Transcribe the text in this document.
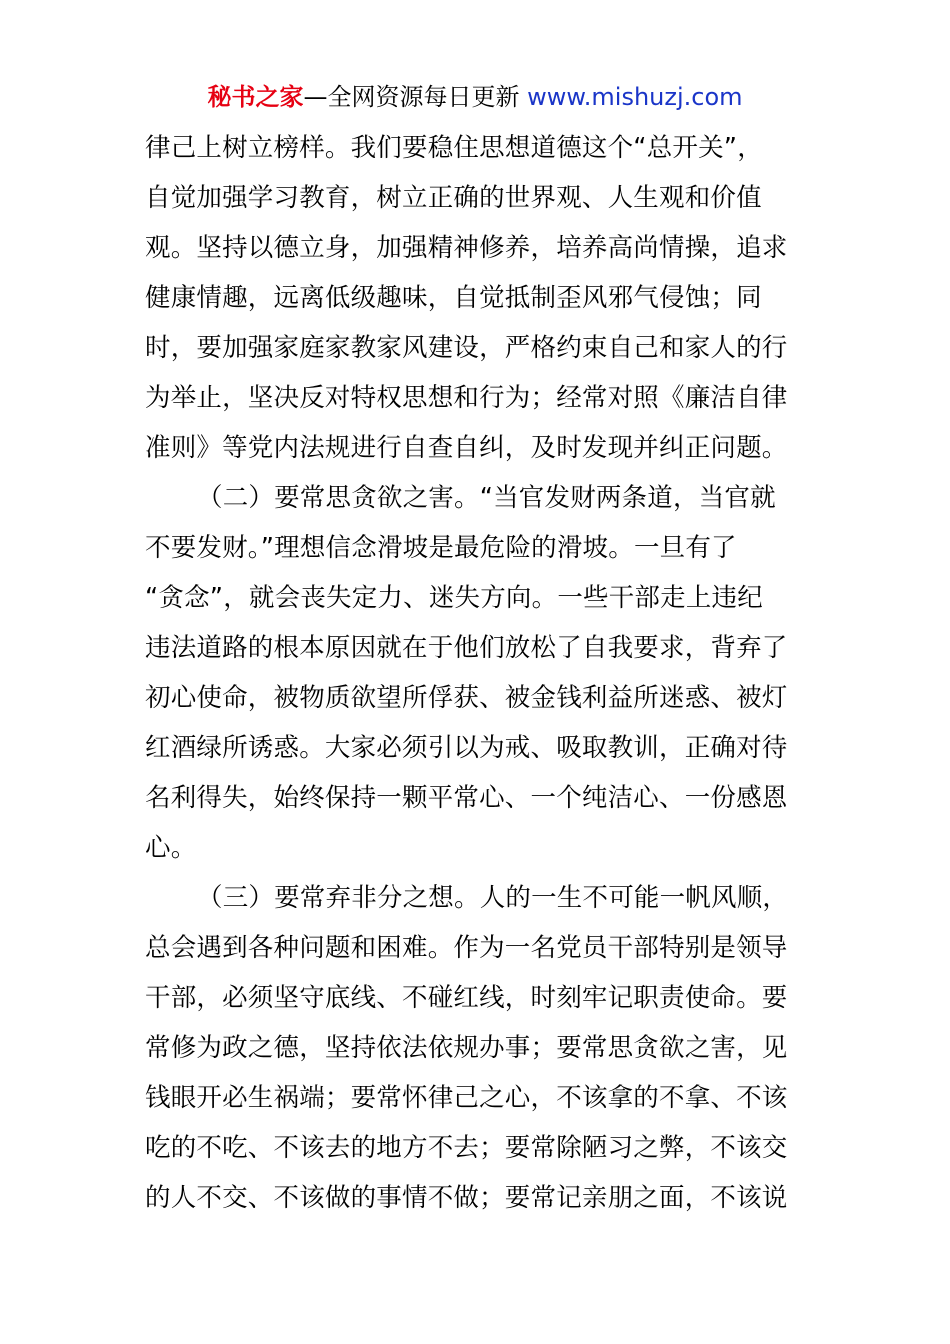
秘书之家—全网资源每日更新 www.mishuzj.com
律己上树立榜样。我们要稳住思想道德这个“总开关”，
自觉加强学习教育，树立正确的世界观、人生观和价值
观。坚持以德立身，加强精神修养，培养高尚情操，追求
健康情趣，远离低级趣味，自觉抵制歪风邪气侵蚀；同
时，要加强家庭家教家风建设，严格约束自己和家人的行
为举止，坚决反对特权思想和行为；经常对照《廉洁自律
准则》等党内法规进行自查自纠，及时发现并纠正问题。
（二）要常思贪欲之害。“当官发财两条道，当官就
不要发财。”理想信念滑坡是最危险的滑坡。一旦有了
“贪念”，就会丧失定力、迷失方向。一些干部走上违纪
违法道路的根本原因就在于他们放松了自我要求，背弃了
初心使命，被物质欲望所俘获、被金钱利益所迷惑、被灯
红酒绿所诱惑。大家必须引以为戒、吸取教训，正确对待
名利得失，始终保持一颗平常心、一个纯洁心、一份感恩
心。
（三）要常弃非分之想。人的一生不可能一帆风顺，
总会遇到各种问题和困难。作为一名党员干部特别是领导
干部，必须坚守底线、不碰红线，时刻牢记职责使命。要
常修为政之德，坚持依法依规办事；要常思贪欲之害，见
钱眼开必生祸端；要常怀律己之心，不该拿的不拿、不该
吃的不吃、不该去的地方不去；要常除陋习之弊，不该交
的人不交、不该做的事情不做；要常记亲朋之面，不该说
